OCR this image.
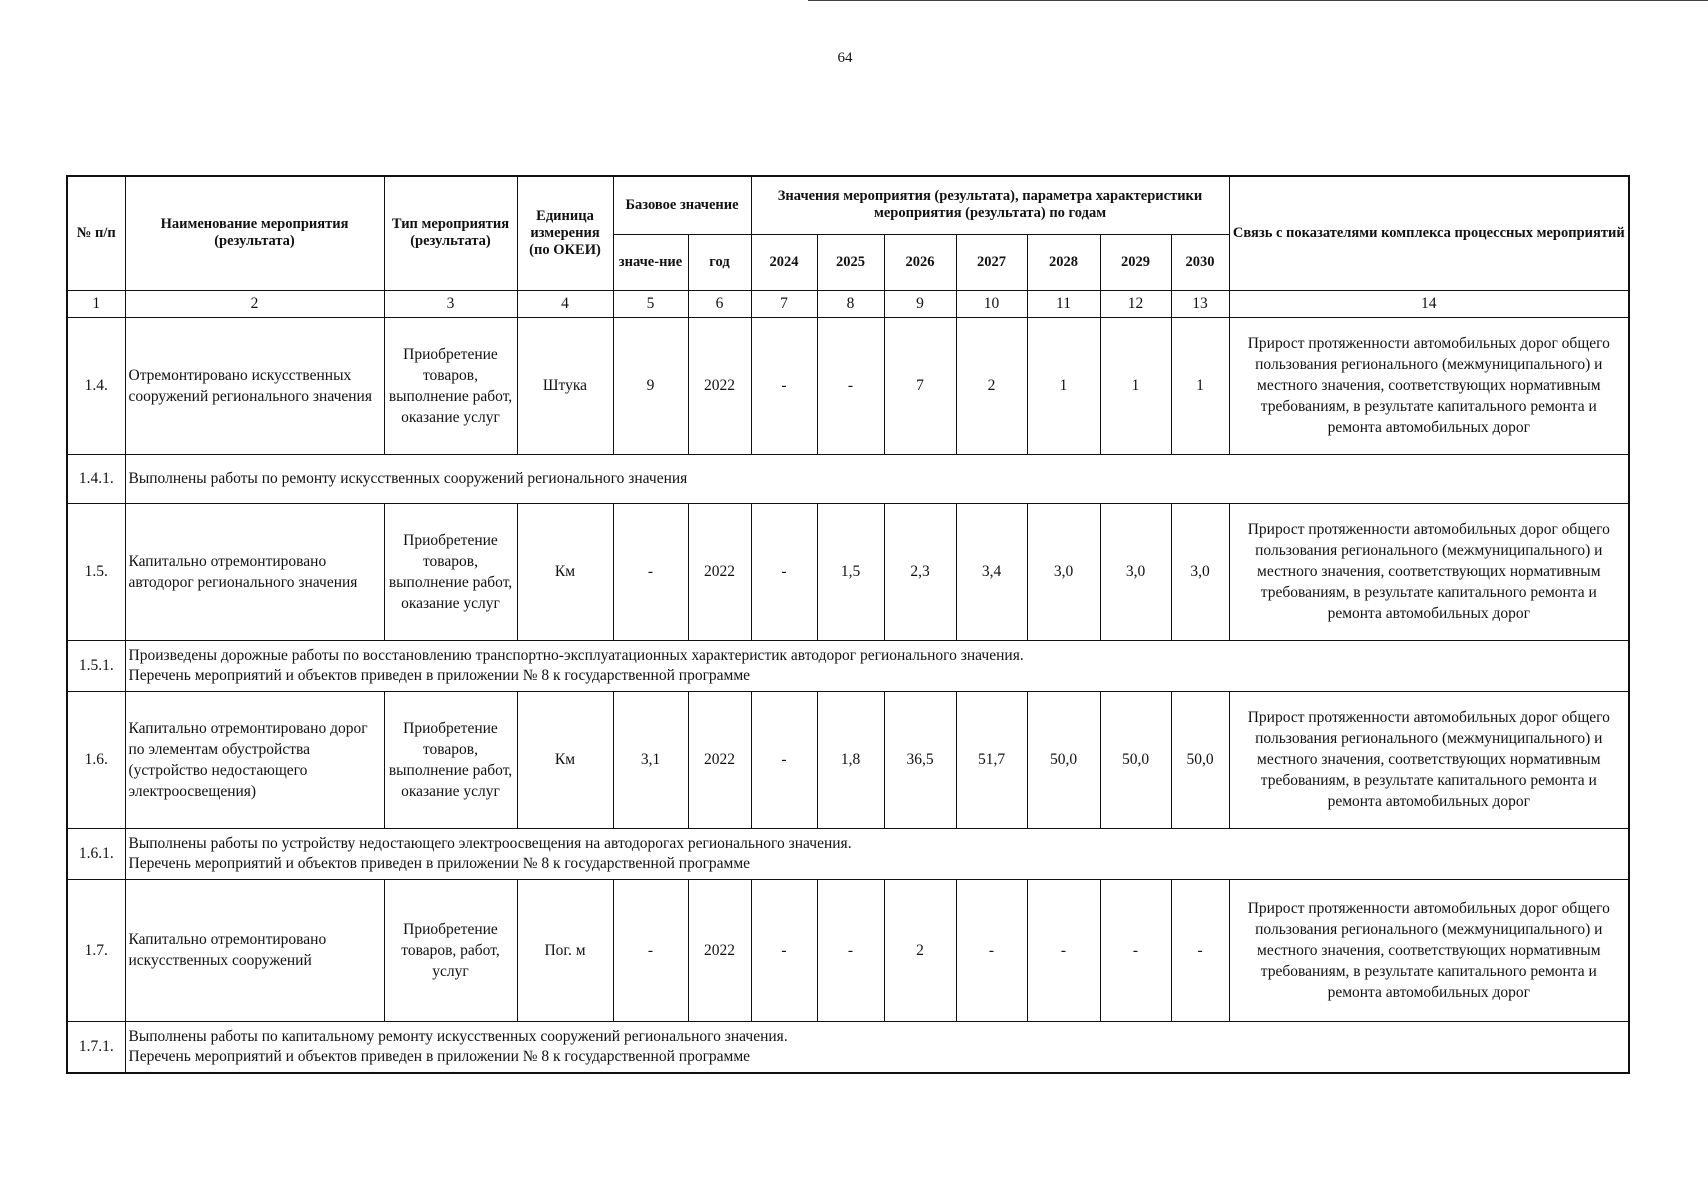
64
№ п/п	Наименование мероприятия (результата)	Тип мероприятия (результата)	Единица измерения (по ОКЕИ)	Базовое значение		Значения мероприятия (результата), параметра характеристики мероприятия (результата) по годам							Связь с показателями комплекса процессных мероприятий
				значе-ние	год	2024	2025	2026	2027	2028	2029	2030	
1	2	3	4	5	6	7	8	9	10	11	12	13	14
1.4.	Отремонтировано искусственных сооружений регионального значения	Приобретение товаров, выполнение работ, оказание услуг	Штука	9	2022	-	-	7	2	1	1	1	Прирост протяженности автомобильных дорог общего пользования регионального (межмуниципального) и местного значения, соответствующих нормативным требованиям, в результате капитального ремонта и ремонта автомобильных дорог
1.4.1.	Выполнены работы по ремонту искусственных сооружений регионального значения												

1.5.	Капитально отремонтировано автодорог регионального значения	Приобретение товаров, выполнение работ, оказание услуг	Км	-	2022	-	1,5	2,3	3,4	3,0	3,0	3,0	Прирост протяженности автомобильных дорог общего пользования регионального (межмуниципального) и местного значения, соответствующих нормативным требованиям, в результате капитального ремонта и ремонта автомобильных дорог
1.5.1.	Произведены дорожные работы по восстановлению транспортно-эксплуатационных характеристик автодорог регионального значения.
Перечень мероприятий и объектов приведен в приложении № 8 к государственной программе												

1.6.	Капитально отремонтировано дорог по элементам обустройства (устройство недостающего электроосвещения)	Приобретение товаров, выполнение работ, оказание услуг	Км	3,1	2022	-	1,8	36,5	51,7	50,0	50,0	50,0	Прирост протяженности автомобильных дорог общего пользования регионального (межмуниципального) и местного значения, соответствующих нормативным требованиям, в результате капитального ремонта и ремонта автомобильных дорог
1.6.1.	Выполнены работы по устройству недостающего электроосвещения на автодорогах регионального значения.
Перечень мероприятий и объектов приведен в приложении № 8 к государственной программе												

1.7.	Капитально отремонтировано искусственных сооружений	Приобретение товаров, работ, услуг	Пог. м	-	2022	-	-	2	-	-	-	-	Прирост протяженности автомобильных дорог общего пользования регионального (межмуниципального) и местного значения, соответствующих нормативным требованиям, в результате капитального ремонта и ремонта автомобильных дорог
1.7.1.	Выполнены работы по капитальному ремонту искусственных сооружений регионального значения.
Перечень мероприятий и объектов приведен в приложении № 8 к государственной программе												
